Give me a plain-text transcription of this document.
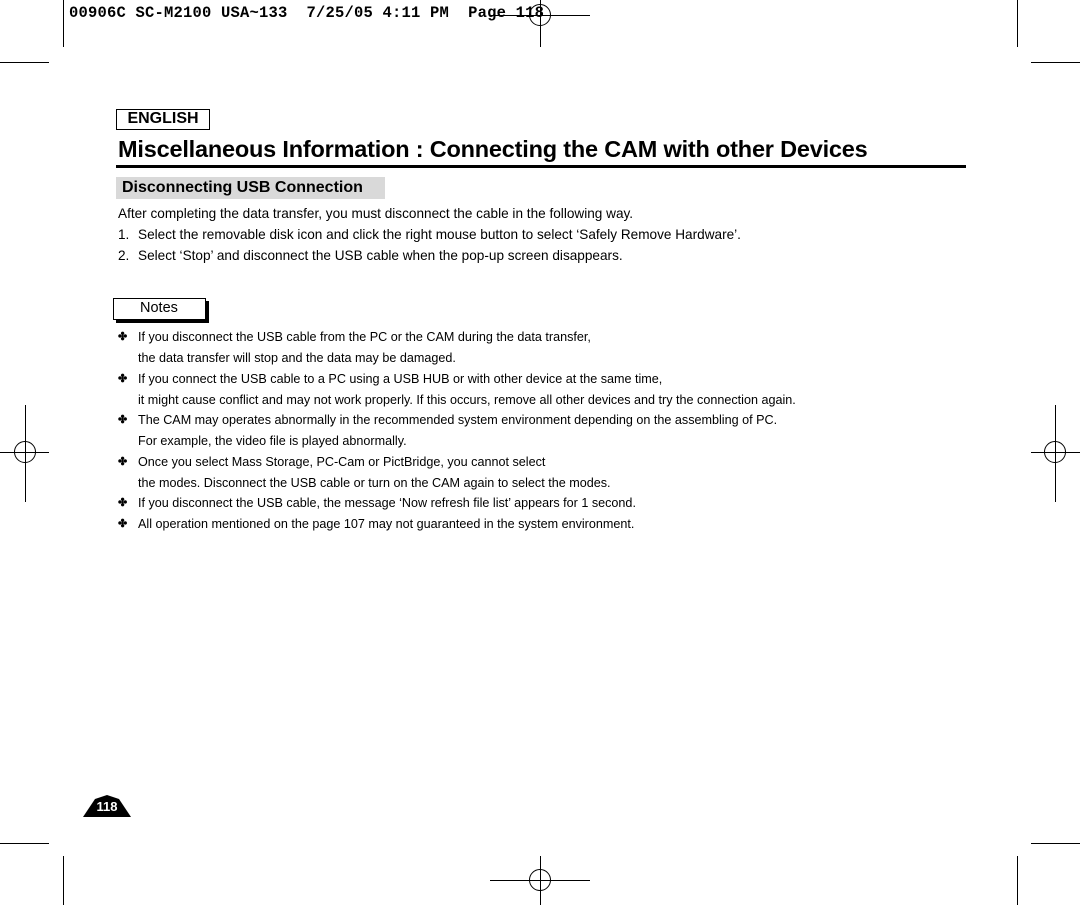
00906C SC-M2100 USA~133  7/25/05 4:11 PM  Page 118
ENGLISH
Miscellaneous Information : Connecting the CAM with other Devices
Disconnecting USB Connection
After completing the data transfer, you must disconnect the cable in the following way.
1. Select the removable disk icon and click the right mouse button to select ‘Safely Remove Hardware’.
2. Select ‘Stop’ and disconnect the USB cable when the pop-up screen disappears.
Notes
✤ If you disconnect the USB cable from the PC or the CAM during the data transfer,
the data transfer will stop and the data may be damaged.
✤ If you connect the USB cable to a PC using a USB HUB or with other device at the same time,
it might cause conflict and may not work properly. If this occurs, remove all other devices and try the connection again.
✤ The CAM may operates abnormally in the recommended system environment depending on the assembling of PC.
For example, the video file is played abnormally.
✤ Once you select Mass Storage, PC-Cam or PictBridge, you cannot select
the modes. Disconnect the USB cable or turn on the CAM again to select the modes.
✤ If you disconnect the USB cable, the message ‘Now refresh file list’ appears for 1 second.
✤ All operation mentioned on the page 107 may not guaranteed in the system environment.
118
